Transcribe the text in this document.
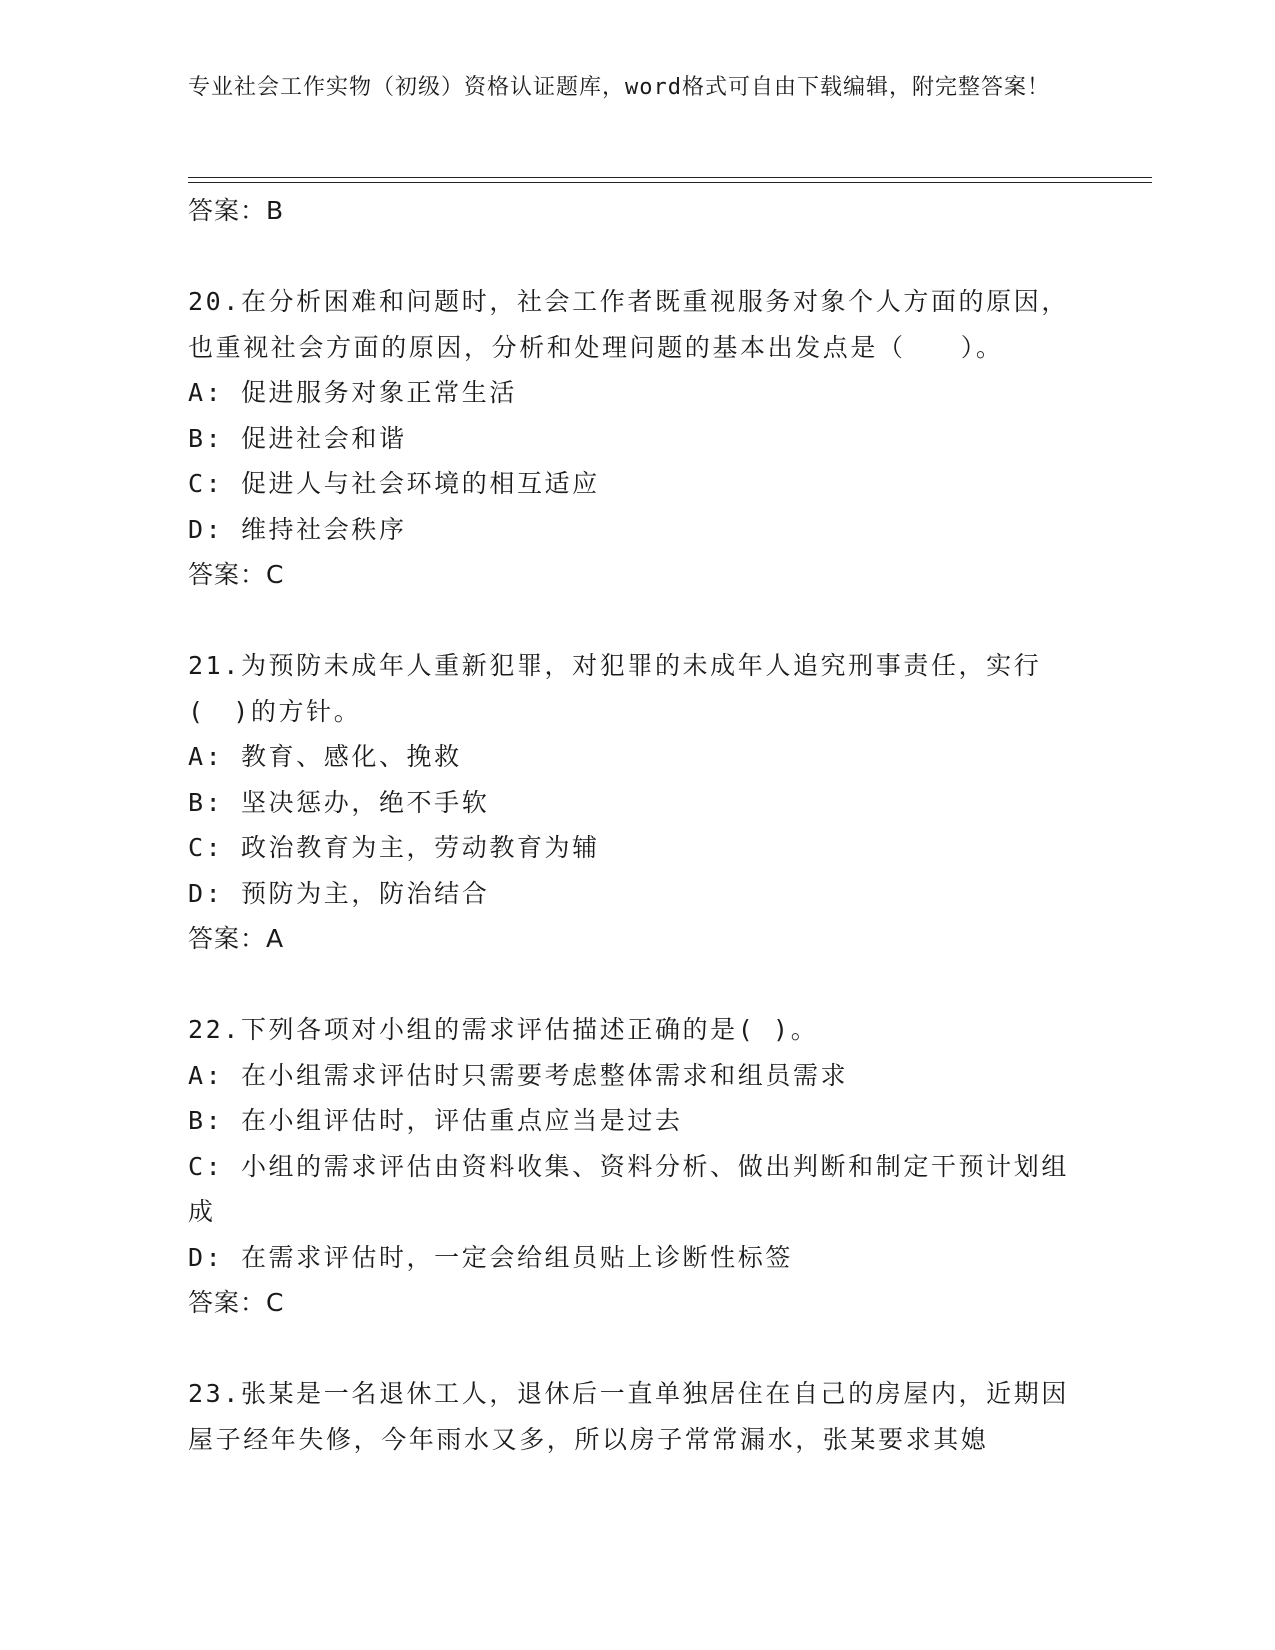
专业社会工作实物（初级）资格认证题库，word格式可自由下载编辑，附完整答案！

答案：B

20.在分析困难和问题时，社会工作者既重视服务对象个人方面的原因，也重视社会方面的原因，分析和处理问题的基本出发点是（　　）。

A: 促进服务对象正常生活

B: 促进社会和谐

C: 促进人与社会环境的相互适应

D: 维持社会秩序

答案：C

21.为预防未成年人重新犯罪，对犯罪的未成年人追究刑事责任，实行(　)的方针。

A: 教育、感化、挽救

B: 坚决惩办，绝不手软

C: 政治教育为主，劳动教育为辅

D: 预防为主，防治结合

答案：A

22.下列各项对小组的需求评估描述正确的是( )。

A: 在小组需求评估时只需要考虑整体需求和组员需求

B: 在小组评估时，评估重点应当是过去

C: 小组的需求评估由资料收集、资料分析、做出判断和制定干预计划组成

D: 在需求评估时，一定会给组员贴上诊断性标签

答案：C

23.张某是一名退休工人，退休后一直单独居住在自己的房屋内，近期因屋子经年失修，今年雨水又多，所以房子常常漏水，张某要求其媳
